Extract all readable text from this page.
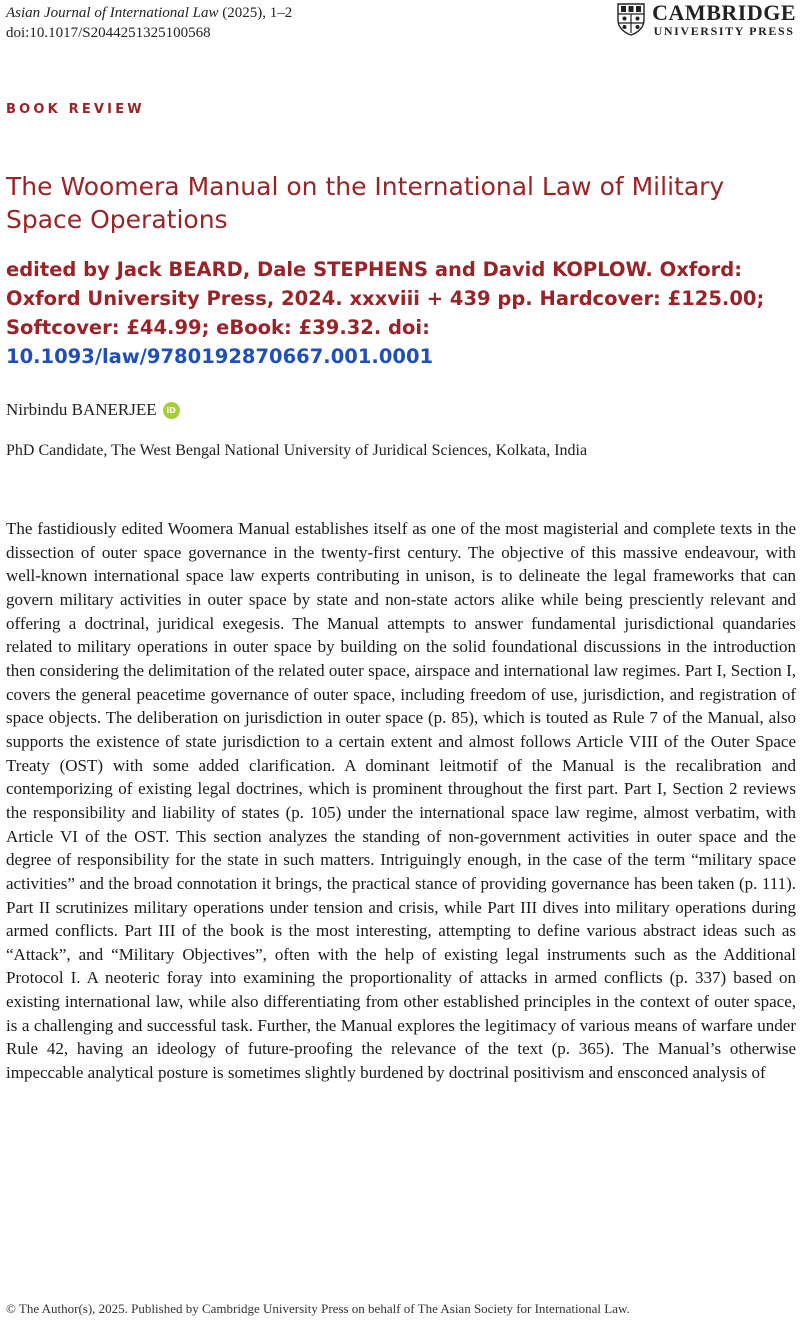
Asian Journal of International Law (2025), 1–2
doi:10.1017/S2044251325100568
CAMBRIDGE
UNIVERSITY PRESS
BOOK REVIEW
The Woomera Manual on the International Law of Military Space Operations

edited by Jack BEARD, Dale STEPHENS and David KOPLOW. Oxford: Oxford University Press, 2024. xxxviii + 439 pp. Hardcover: £125.00; Softcover: £44.99; eBook: £39.32. doi: 10.1093/law/9780192870667.001.0001

Nirbindu BANERJEE	iD
PhD Candidate, The West Bengal National University of Juridical Sciences, Kolkata, India

The fastidiously edited Woomera Manual establishes itself as one of the most magisterial and complete texts in the dissection of outer space governance in the twenty-first century. The objective of this massive endeavour, with well-known international space law experts contributing in unison, is to delineate the legal frameworks that can govern military activities in outer space by state and non-state actors alike while being presciently relevant and offering a doctrinal, juridical exegesis. The Manual attempts to answer fundamental jurisdictional quandaries related to military operations in outer space by building on the solid foundational discussions in the introduction then considering the delimitation of the related outer space, airspace and international law regimes. Part I, Section I, covers the general peacetime governance of outer space, including freedom of use, jurisdiction, and registration of space objects. The deliberation on jurisdiction in outer space (p. 85), which is touted as Rule 7 of the Manual, also supports the existence of state jurisdiction to a certain extent and almost follows Article VIII of the Outer Space Treaty (OST) with some added clarification. A dominant leitmotif of the Manual is the recalibration and contemporizing of existing legal doctrines, which is prominent throughout the first part. Part I, Section 2 reviews the responsibility and liability of states (p. 105) under the international space law regime, almost verbatim, with Article VI of the OST. This section analyzes the standing of non-government activities in outer space and the degree of responsibility for the state in such matters. Intriguingly enough, in the case of the term “military space activities” and the broad connotation it brings, the practical stance of providing governance has been taken (p. 111). Part II scrutinizes military operations under tension and crisis, while Part III dives into military operations during armed conflicts. Part III of the book is the most interesting, attempting to define various abstract ideas such as “Attack”, and “Military Objectives”, often with the help of existing legal instruments such as the Additional Protocol I. A neoteric foray into examining the proportionality of attacks in armed conflicts (p. 337) based on existing international law, while also differentiating from other established principles in the context of outer space, is a challenging and successful task. Further, the Manual explores the legitimacy of various means of warfare under Rule 42, having an ideology of future-proofing the relevance of the text (p. 365). The Manual’s otherwise impeccable analytical posture is sometimes slightly burdened by doctrinal positivism and ensconced analysis of

© The Author(s), 2025. Published by Cambridge University Press on behalf of The Asian Society for International Law.
